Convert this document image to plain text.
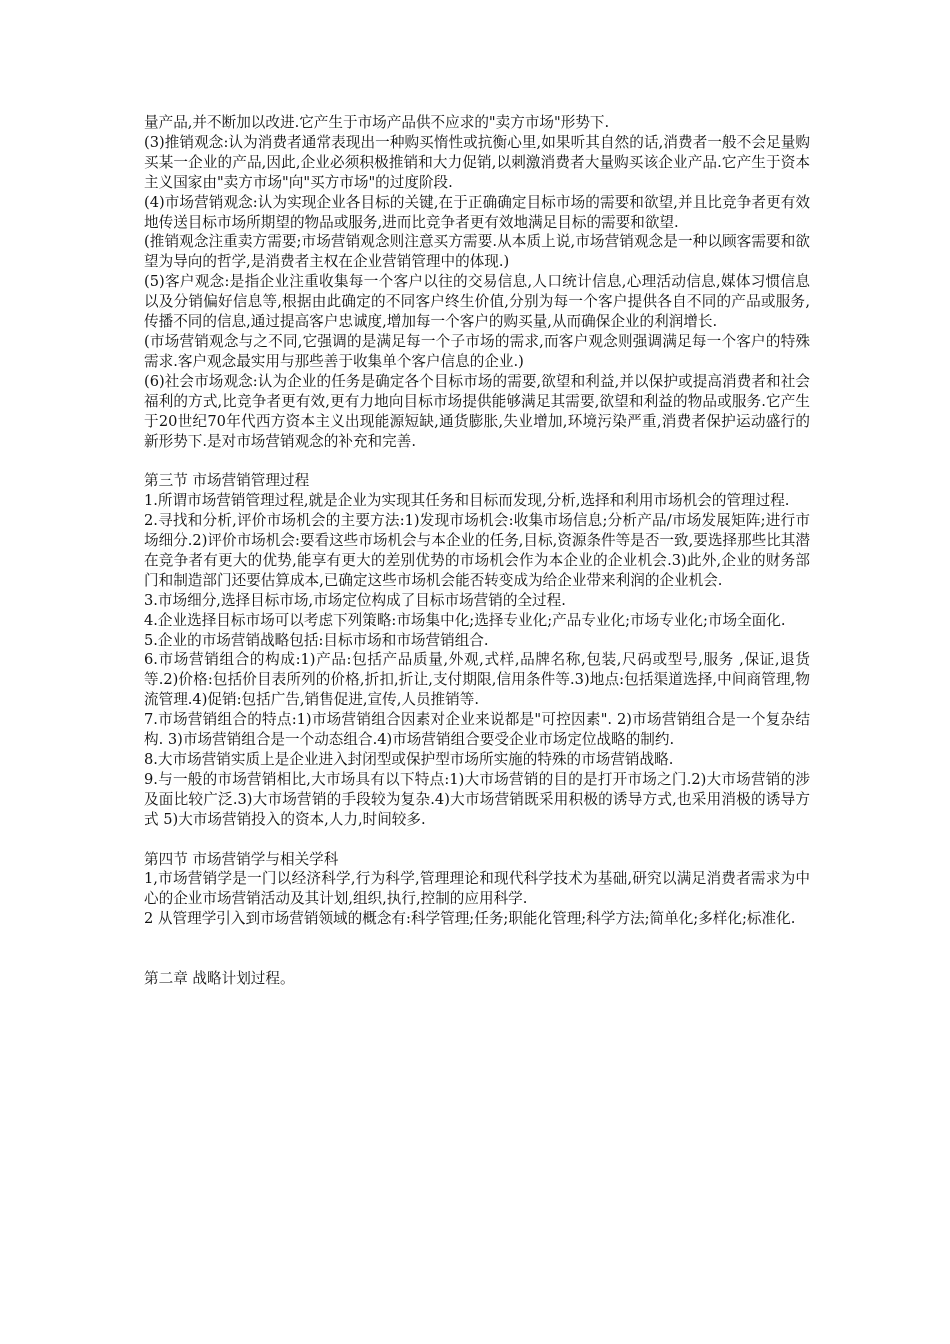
量产品,并不断加以改进.它产生于市场产品供不应求的"卖方市场"形势下.

(3)推销观念:认为消费者通常表现出一种购买惰性或抗衡心里,如果听其自然的话,消费者一般不会足量购买某一企业的产品,因此,企业必须积极推销和大力促销,以刺激消费者大量购买该企业产品.它产生于资本主义国家由"卖方市场"向"买方市场"的过度阶段.

(4)市场营销观念:认为实现企业各目标的关键,在于正确确定目标市场的需要和欲望,并且比竞争者更有效地传送目标市场所期望的物品或服务,进而比竞争者更有效地满足目标的需要和欲望.

(推销观念注重卖方需要;市场营销观念则注意买方需要.从本质上说,市场营销观念是一种以顾客需要和欲望为导向的哲学,是消费者主权在企业营销管理中的体现.)

(5)客户观念:是指企业注重收集每一个客户以往的交易信息,人口统计信息,心理活动信息,媒体习惯信息以及分销偏好信息等,根据由此确定的不同客户终生价值,分别为每一个客户提供各自不同的产品或服务,传播不同的信息,通过提高客户忠诚度,增加每一个客户的购买量,从而确保企业的利润增长.

(市场营销观念与之不同,它强调的是满足每一个子市场的需求,而客户观念则强调满足每一个客户的特殊需求.客户观念最实用与那些善于收集单个客户信息的企业.)

(6)社会市场观念:认为企业的任务是确定各个目标市场的需要,欲望和利益,并以保护或提高消费者和社会福利的方式,比竞争者更有效,更有力地向目标市场提供能够满足其需要,欲望和利益的物品或服务.它产生于20世纪70年代西方资本主义出现能源短缺,通货膨胀,失业增加,环境污染严重,消费者保护运动盛行的新形势下.是对市场营销观念的补充和完善.

第三节 市场营销管理过程

1.所谓市场营销管理过程,就是企业为实现其任务和目标而发现,分析,选择和利用市场机会的管理过程.

2.寻找和分析,评价市场机会的主要方法:1)发现市场机会:收集市场信息;分析产品/市场发展矩阵;进行市场细分.2)评价市场机会:要看这些市场机会与本企业的任务,目标,资源条件等是否一致,要选择那些比其潜在竞争者有更大的优势,能享有更大的差别优势的市场机会作为本企业的企业机会.3)此外,企业的财务部门和制造部门还要估算成本,已确定这些市场机会能否转变成为给企业带来利润的企业机会.

3.市场细分,选择目标市场,市场定位构成了目标市场营销的全过程.

4.企业选择目标市场可以考虑下列策略:市场集中化;选择专业化;产品专业化;市场专业化;市场全面化.

5.企业的市场营销战略包括:目标市场和市场营销组合.

6.市场营销组合的构成:1)产品:包括产品质量,外观,式样,品牌名称,包装,尺码或型号,服务 ,保证,退货等.2)价格:包括价目表所列的价格,折扣,折让,支付期限,信用条件等.3)地点:包括渠道选择,中间商管理,物流管理.4)促销:包括广告,销售促进,宣传,人员推销等.

7.市场营销组合的特点:1)市场营销组合因素对企业来说都是"可控因素". 2)市场营销组合是一个复杂结构. 3)市场营销组合是一个动态组合.4)市场营销组合要受企业市场定位战略的制约.

8.大市场营销实质上是企业进入封闭型或保护型市场所实施的特殊的市场营销战略.

9.与一般的市场营销相比,大市场具有以下特点:1)大市场营销的目的是打开市场之门.2)大市场营销的涉及面比较广泛.3)大市场营销的手段较为复杂.4)大市场营销既采用积极的诱导方式,也采用消极的诱导方式 5)大市场营销投入的资本,人力,时间较多.

第四节 市场营销学与相关学科

1,市场营销学是一门以经济科学,行为科学,管理理论和现代科学技术为基础,研究以满足消费者需求为中心的企业市场营销活动及其计划,组织,执行,控制的应用科学.

2 从管理学引入到市场营销领域的概念有:科学管理;任务;职能化管理;科学方法;简单化;多样化;标准化.

第二章 战略计划过程。
